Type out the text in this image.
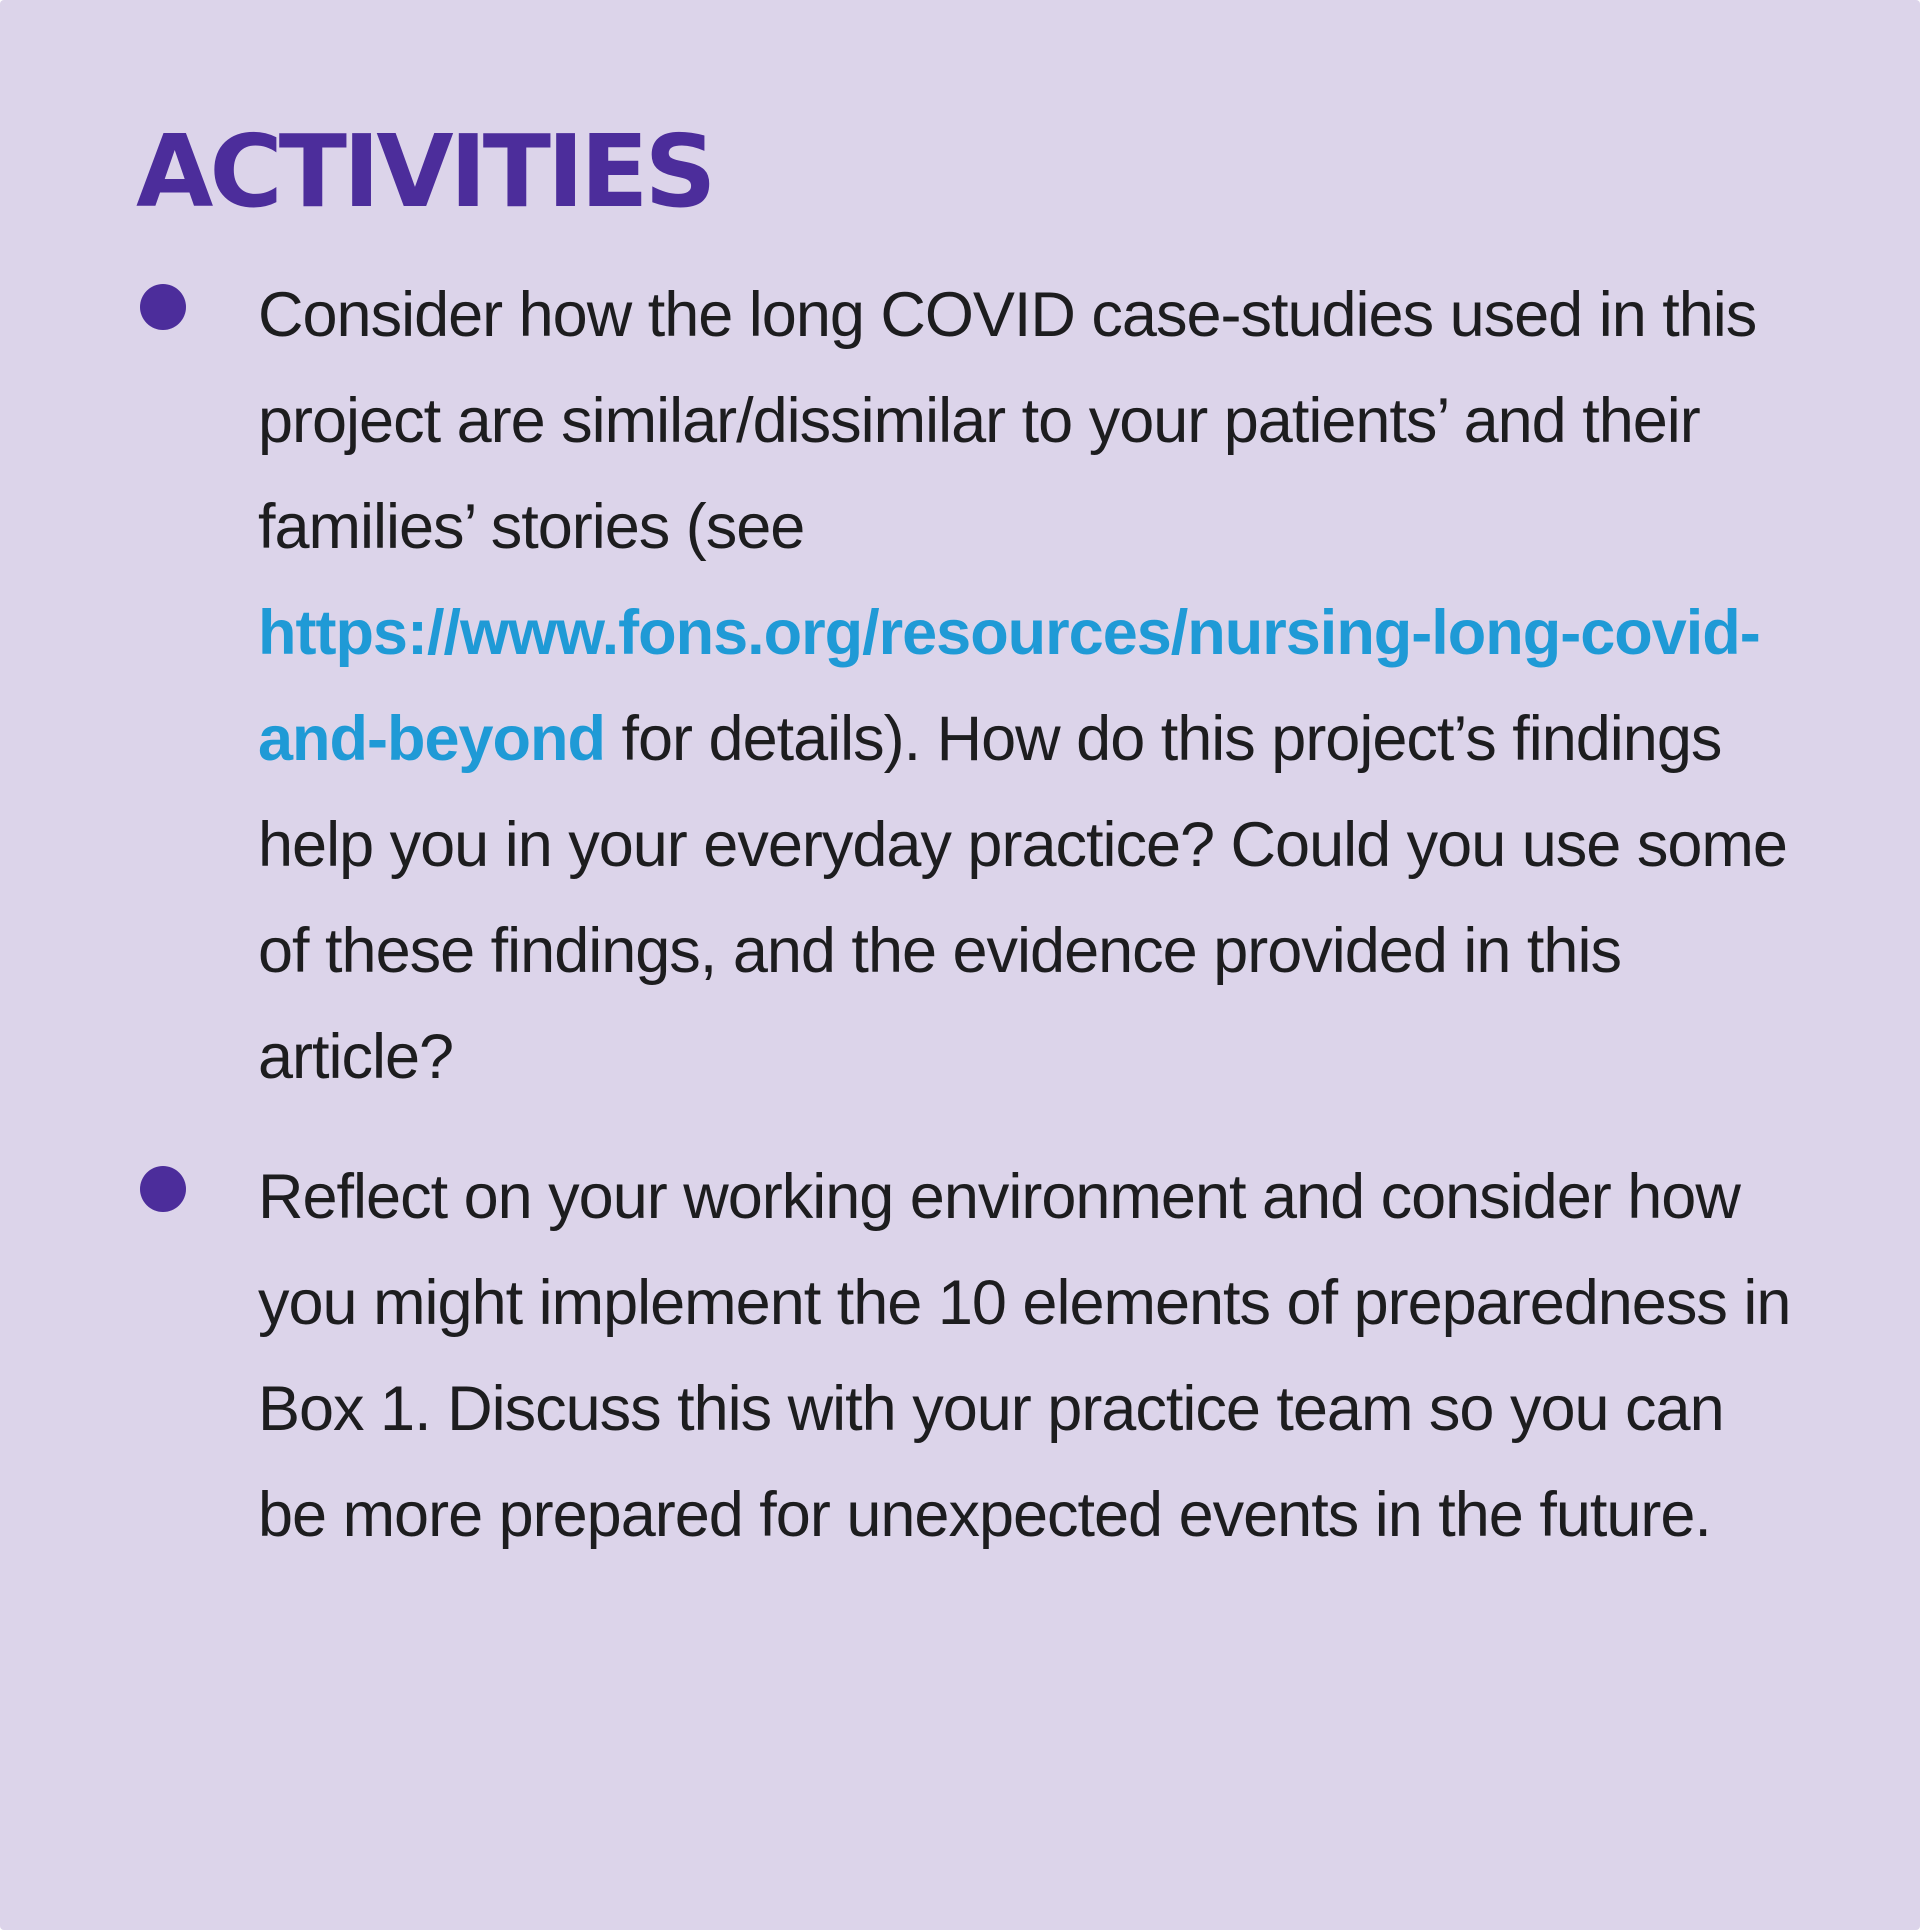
ACTIVITIES

Consider how the long COVID case-studies used in this project are similar/dissimilar to your patients’ and their families’ stories (see https://www.fons.org/resources/nursing-long-covid-and-beyond for details). How do this project’s findings help you in your everyday practice? Could you use some of these findings, and the evidence provided in this article?

Reflect on your working environment and consider how you might implement the 10 elements of preparedness in Box 1. Discuss this with your practice team so you can be more prepared for unexpected events in the future.
